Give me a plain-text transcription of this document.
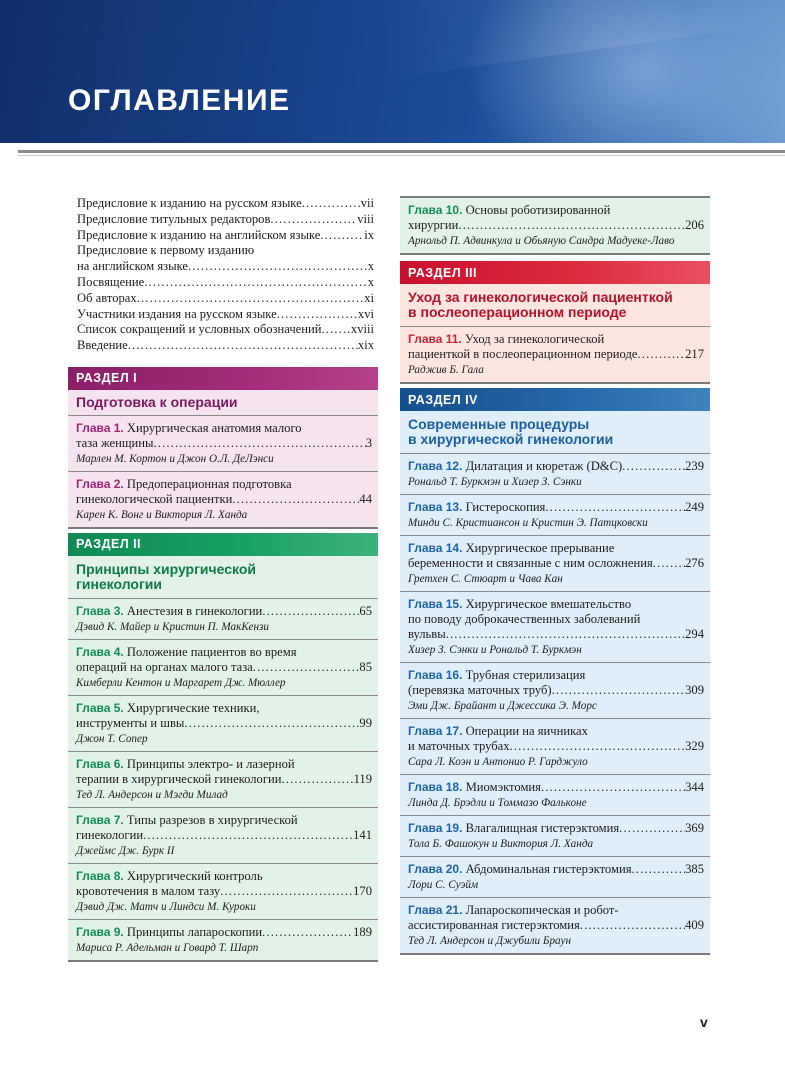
ОГЛАВЛЕНИЕ
Предисловие к изданию на русском языке . . .	vii
Предисловие титульных редакторов . . .	viii
Предисловие к изданию на английском языке . . .	ix
Предисловие к первому изданию
на английском языке . . .	x
Посвящение . . .	x
Об авторах . . .	xi
Участники издания на русском языке . . .	xvi
Список сокращений и условных обозначений . . . xviii
Введение . . .	xix
РАЗДЕЛ I
Подготовка к операции
Глава 1. Хирургическая анатомия малого
таза женщины . . .	3
Марлен М. Кортон и Джон О.Л. ДеЛэнси
Глава 2. Предоперационная подготовка
гинекологической пациентки . . .	44
Карен К. Вонг и Виктория Л. Ханда
РАЗДЕЛ II
Принципы хирургической
гинекологии
Глава 3. Анестезия в гинекологии . . .	65
Дэвид К. Майер и Кристин П. МакКензи
Глава 4. Положение пациентов во время
операций на органах малого таза . . .	85
Кимберли Кентон и Маргарет Дж. Мюллер
Глава 5. Хирургические техники,
инструменты и швы . . .	99
Джон Т. Сопер
Глава 6. Принципы электро- и лазерной
терапии в хирургической гинекологии . . .	119
Тед Л. Андерсон и Мэгди Милад
Глава 7. Типы разрезов в хирургической
гинекологии . . .	141
Джеймс Дж. Бурк II
Глава 8. Хирургический контроль
кровотечения в малом тазу . . .	170
Дэвид Дж. Матч и Линдси М. Куроки
Глава 9. Принципы лапароскопии . . .	189
Мариса Р. Адельман и Говард Т. Шарп
Глава 10. Основы роботизированной
хирургии . . .	206
Арнольд П. Адвинкула и Обьяную Сандра Мадуеке-Лаво
РАЗДЕЛ III
Уход за гинекологической пациенткой
в послеоперационном периоде
Глава 11. Уход за гинекологической
пациенткой в послеоперационном периоде . . .	217
Раджив Б. Гала
РАЗДЕЛ IV
Современные процедуры
в хирургической гинекологии
Глава 12. Дилатация и кюретаж (D&C) . . .	239
Рональд Т. Буркмэн и Хизер З. Сэнки
Глава 13. Гистероскопия . . .	249
Минди С. Кристиансон и Кристин Э. Патцковски
Глава 14. Хирургическое прерывание
беременности и связанные с ним осложнения . . .	276
Гретхен С. Стюарт и Чава Кан
Глава 15. Хирургическое вмешательство
по поводу доброкачественных заболеваний
вульвы . . .	294
Хизер З. Сэнки и Рональд Т. Буркмэн
Глава 16. Трубная стерилизация
(перевязка маточных труб) . . .	309
Эми Дж. Брайант и Джессика Э. Морс
Глава 17. Операции на яичниках
и маточных трубах . . .	329
Сара Л. Коэн и Антонио Р. Гарджуло
Глава 18. Миомэктомия . . .	344
Линда Д. Брэдли и Томмазо Фальконе
Глава 19. Влагалищная гистерэктомия . . .	369
Тола Б. Фашокун и Виктория Л. Ханда
Глава 20. Абдоминальная гистерэктомия . . .	385
Лори С. Суэйм
Глава 21. Лапароскопическая и робот-
ассистированная гистерэктомия . . .	409
Тед Л. Андерсон и Джубили Браун
v
